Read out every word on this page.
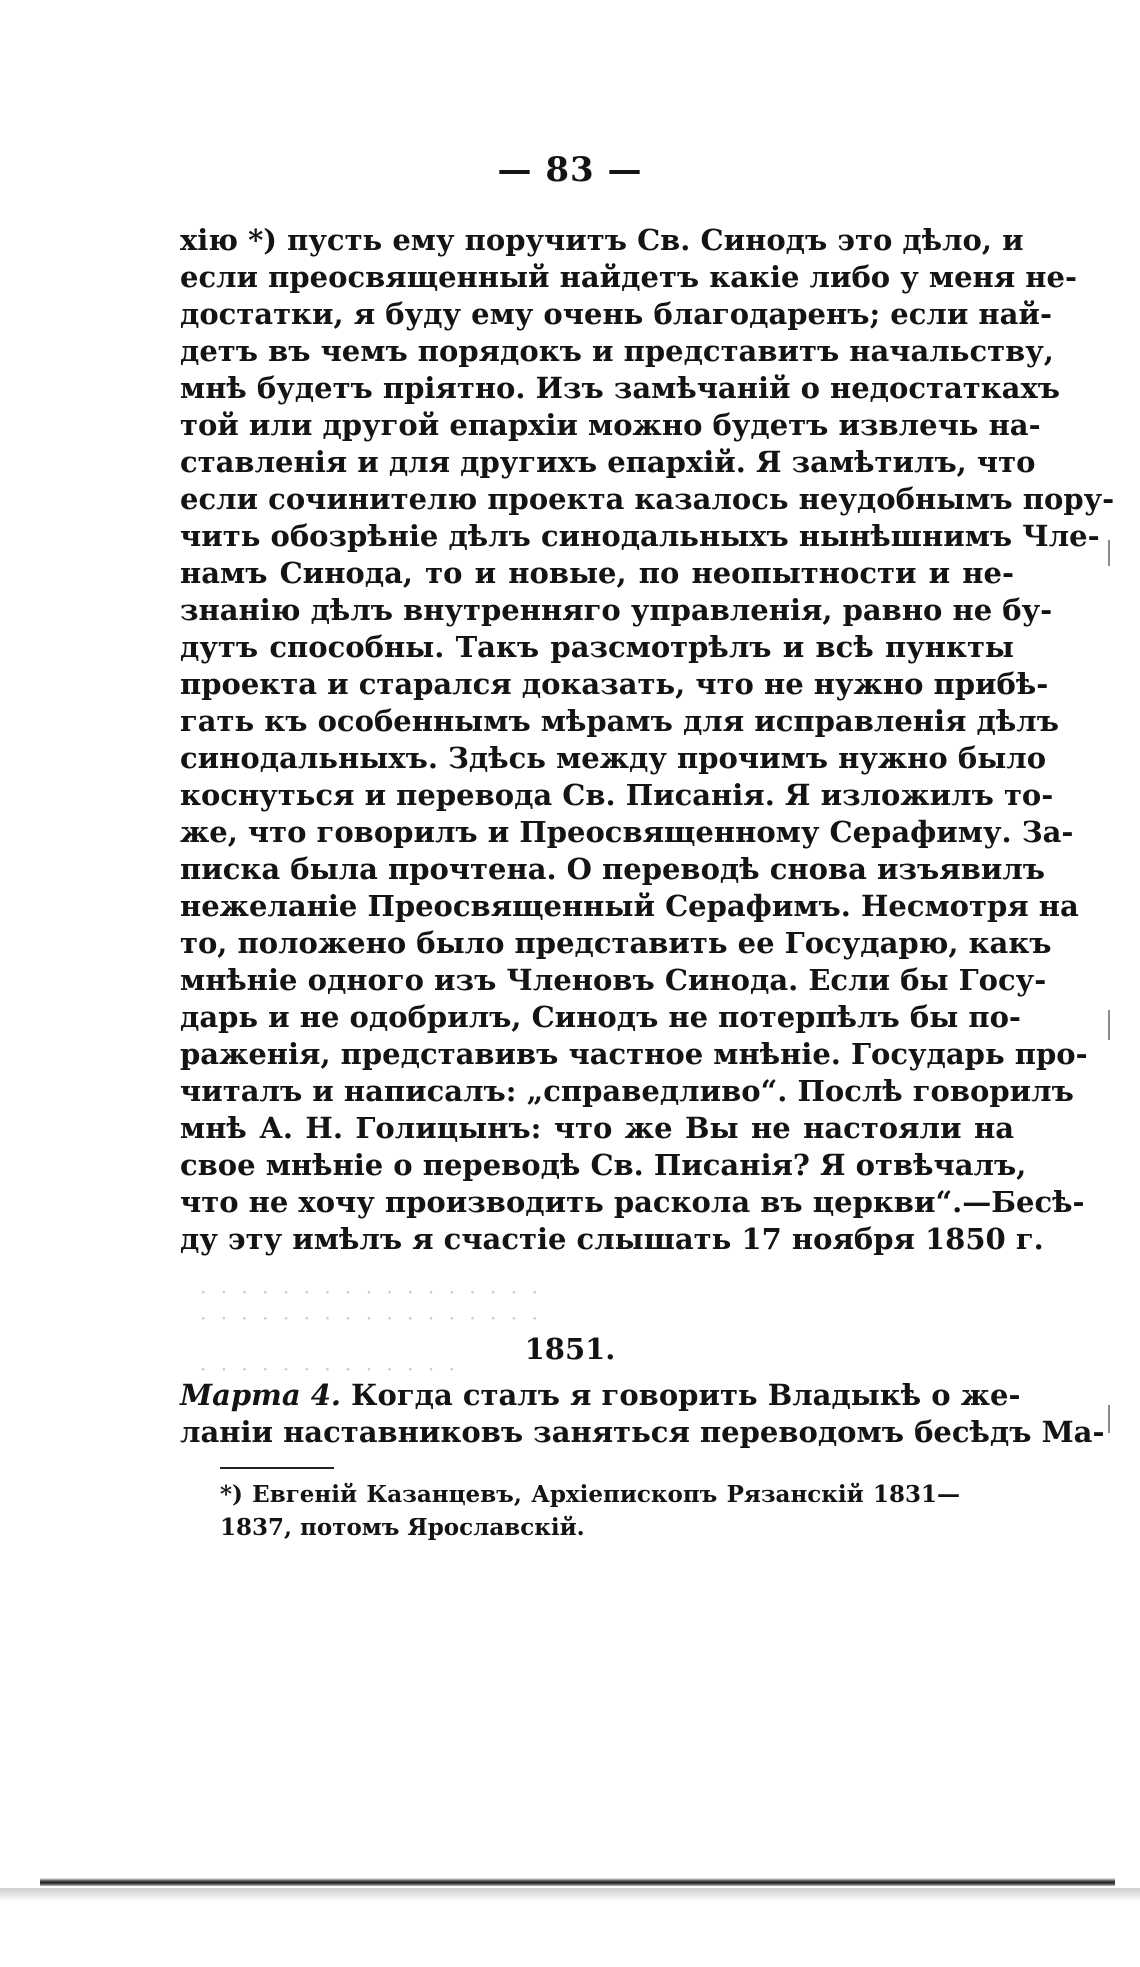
— 83 —
хію *) пусть ему поручитъ Св. Синодъ это дѣло, и
если преосвященный найдетъ какіе либо у меня не-
достатки, я буду ему очень благодаренъ; если най-
детъ въ чемъ порядокъ и представитъ начальству,
мнѣ будетъ пріятно. Изъ замѣчаній о недостаткахъ
той или другой епархіи можно будетъ извлечь на-
ставленія и для другихъ епархій. Я замѣтилъ, что
если сочинителю проекта казалось неудобнымъ пору-
чить обозрѣніе дѣлъ синодальныхъ нынѣшнимъ Чле-
намъ Синода, то и новые, по неопытности и не-
знанію дѣлъ внутренняго управленія, равно не бу-
дутъ способны. Такъ разсмотрѣлъ и всѣ пункты
проекта и старался доказать, что не нужно прибѣ-
гать къ особеннымъ мѣрамъ для исправленія дѣлъ
синодальныхъ. Здѣсь между прочимъ нужно было
коснуться и перевода Св. Писанія. Я изложилъ то-
же, что говорилъ и Преосвященному Серафиму. За-
писка была прочтена. О переводѣ снова изъявилъ
нежеланіе Преосвященный Серафимъ. Несмотря на
то, положено было представить ее Государю, какъ
мнѣніе одного изъ Членовъ Синода. Если бы Госу-
дарь и не одобрилъ, Синодъ не потерпѣлъ бы по-
раженія, представивъ частное мнѣніе. Государь про-
читалъ и написалъ: „справедливо“. Послѣ говорилъ
мнѣ А. Н. Голицынъ: что же Вы не настояли на
свое мнѣніе о переводѣ Св. Писанія? Я отвѣчалъ,
что не хочу производить раскола въ церкви“.—Бесѣ-
ду эту имѣлъ я счастіе слышать 17 ноября 1850 г.
· · · · · · · · · · · · · · · · ·
· · · · · · · · · · · · · · · · ·
1851.
· · · · · · · · · · · · ·
Марта 4. Когда сталъ я говорить Владыкѣ о же-
ланіи наставниковъ заняться переводомъ бесѣдъ Ма-
*) Евгеній Казанцевъ, Архіепископъ Рязанскій 1831—
1837, потомъ Ярославскій.
